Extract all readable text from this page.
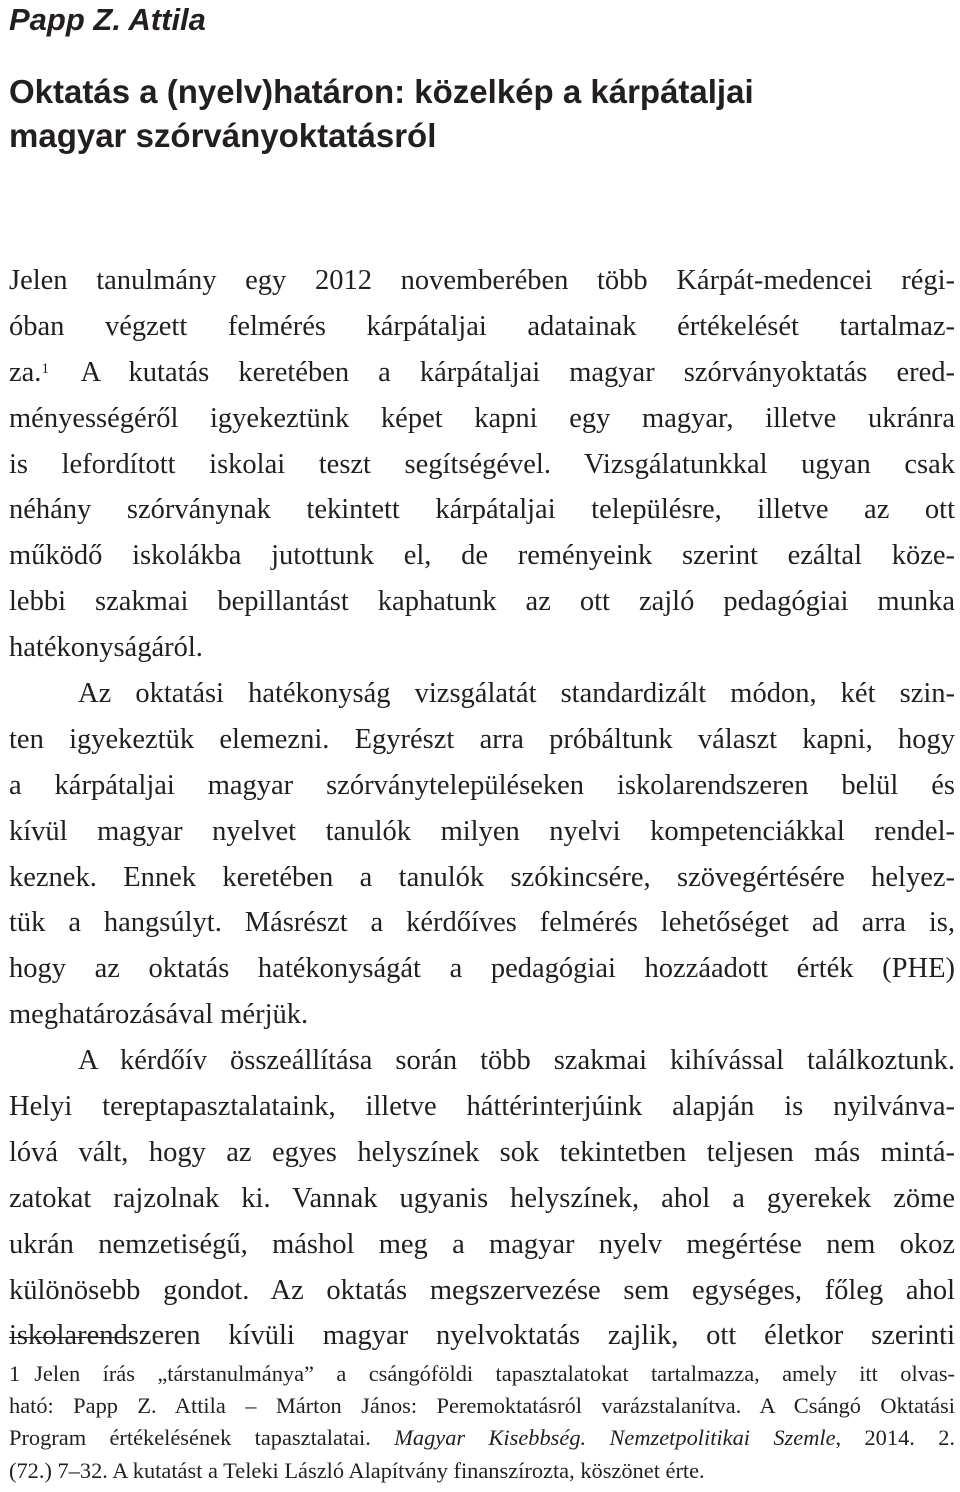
Papp Z. Attila
Oktatás a (nyelv)határon: közelkép a kárpátaljai
magyar szórványoktatásról
Jelen tanulmány egy 2012 novemberében több Kárpát-medencei régi-
óban végzett felmérés kárpátaljai adatainak értékelését tartalmaz-
za.$^1$ A kutatás keretében a kárpátaljai magyar szórványoktatás ered-
ményességéről igyekeztünk képet kapni egy magyar, illetve ukránra
is lefordított iskolai teszt segítségével. Vizsgálatunkkal ugyan csak
néhány szórványnak tekintett kárpátaljai településre, illetve az ott
működő iskolákba jutottunk el, de reményeink szerint ezáltal köze-
lebbi szakmai bepillantást kaphatunk az ott zajló pedagógiai munka
hatékonyságáról.
Az oktatási hatékonyság vizsgálatát standardizált módon, két szin-
ten igyekeztük elemezni. Egyrészt arra próbáltunk választ kapni, hogy
a kárpátaljai magyar szórványtelepüléseken iskolarendszeren belül és
kívül magyar nyelvet tanulók milyen nyelvi kompetenciákkal rendel-
keznek. Ennek keretében a tanulók szókincsére, szövegértésére helyez-
tük a hangsúlyt. Másrészt a kérdőíves felmérés lehetőséget ad arra is,
hogy az oktatás hatékonyságát a pedagógiai hozzáadott érték (PHE)
meghatározásával mérjük.
A kérdőív összeállítása során több szakmai kihívással találkoztunk.
Helyi tereptapasztalataink, illetve háttérinterjúink alapján is nyilvánva-
lóvá vált, hogy az egyes helyszínek sok tekintetben teljesen más mintá-
zatokat rajzolnak ki. Vannak ugyanis helyszínek, ahol a gyerekek zöme
ukrán nemzetiségű, máshol meg a magyar nyelv megértése nem okoz
különösebb gondot. Az oktatás megszervezése sem egységes, főleg ahol
iskolarendszeren kívüli magyar nyelvoktatás zajlik, ott életkor szerinti
1 Jelen írás „társtanulmánya” a csángóföldi tapasztalatokat tartalmazza, amely itt olvas-
ható: Papp Z. Attila – Márton János: Peremoktatásról varázstalanítva. A Csángó Oktatási
Program értékelésének tapasztalatai. Magyar Kisebbség. Nemzetpolitikai Szemle, 2014. 2.
(72.) 7–32. A kutatást a Teleki László Alapítvány finanszírozta, köszönet érte.
